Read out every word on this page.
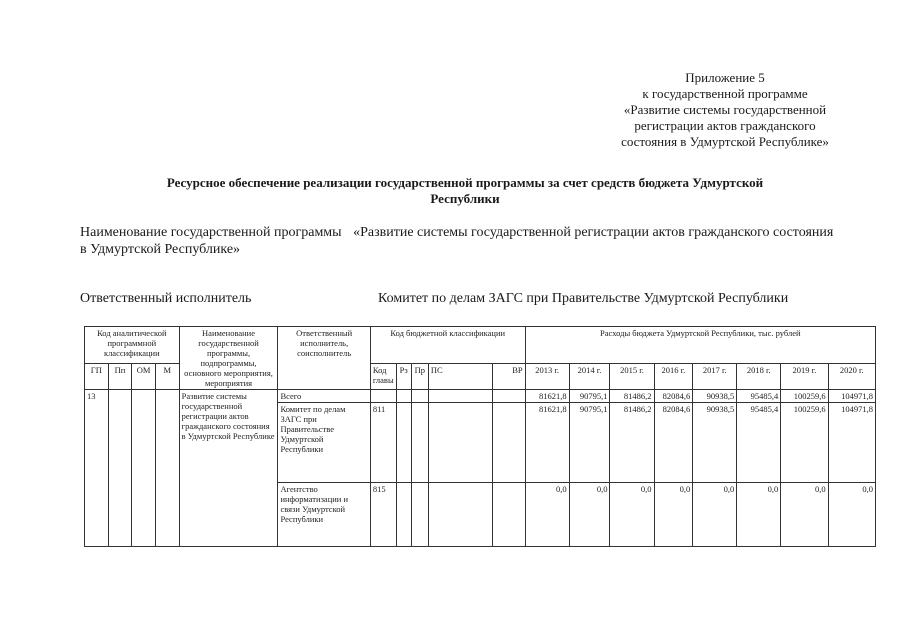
Приложение 5
к государственной программе
«Развитие системы государственной
регистрации актов гражданского
состояния в Удмуртской Республике»
Ресурсное обеспечение реализации государственной программы за счет средств бюджета Удмуртской
Республики
Наименование государственной программы «Развитие системы государственной регистрации актов гражданского состояния в Удмуртской Республике»
Ответственный исполнитель	Комитет по делам ЗАГС при Правительстве Удмуртской Республики
Код аналитической программной классификации				Наименование государственной программы, подпрограммы, основного мероприятия, мероприятия	Ответственный исполнитель, соисполнитель	Код бюджетной классификации					Расходы бюджета Удмуртской Республики, тыс. рублей							
ГП	Пп	ОМ	М			Код главы	Рз	Пр	ПС	ВР	2013 г.	2014 г.	2015 г.	2016 г.	2017 г.	2018 г.	2019 г.	2020 г.
13				Развитие системы государственной регистрации актов гражданского состояния в Удмуртской Республике	Всего						81621,8	90795,1	81486,2	82084,6	90938,5	95485,4	100259,6	104971,8
					Комитет по делам ЗАГС при Правительстве Удмуртской Республики	811					81621,8	90795,1	81486,2	82084,6	90938,5	95485,4	100259,6	104971,8
					Агентство информатизации и связи Удмуртской Республики	815					0,0	0,0	0,0	0,0	0,0	0,0	0,0	0,0
